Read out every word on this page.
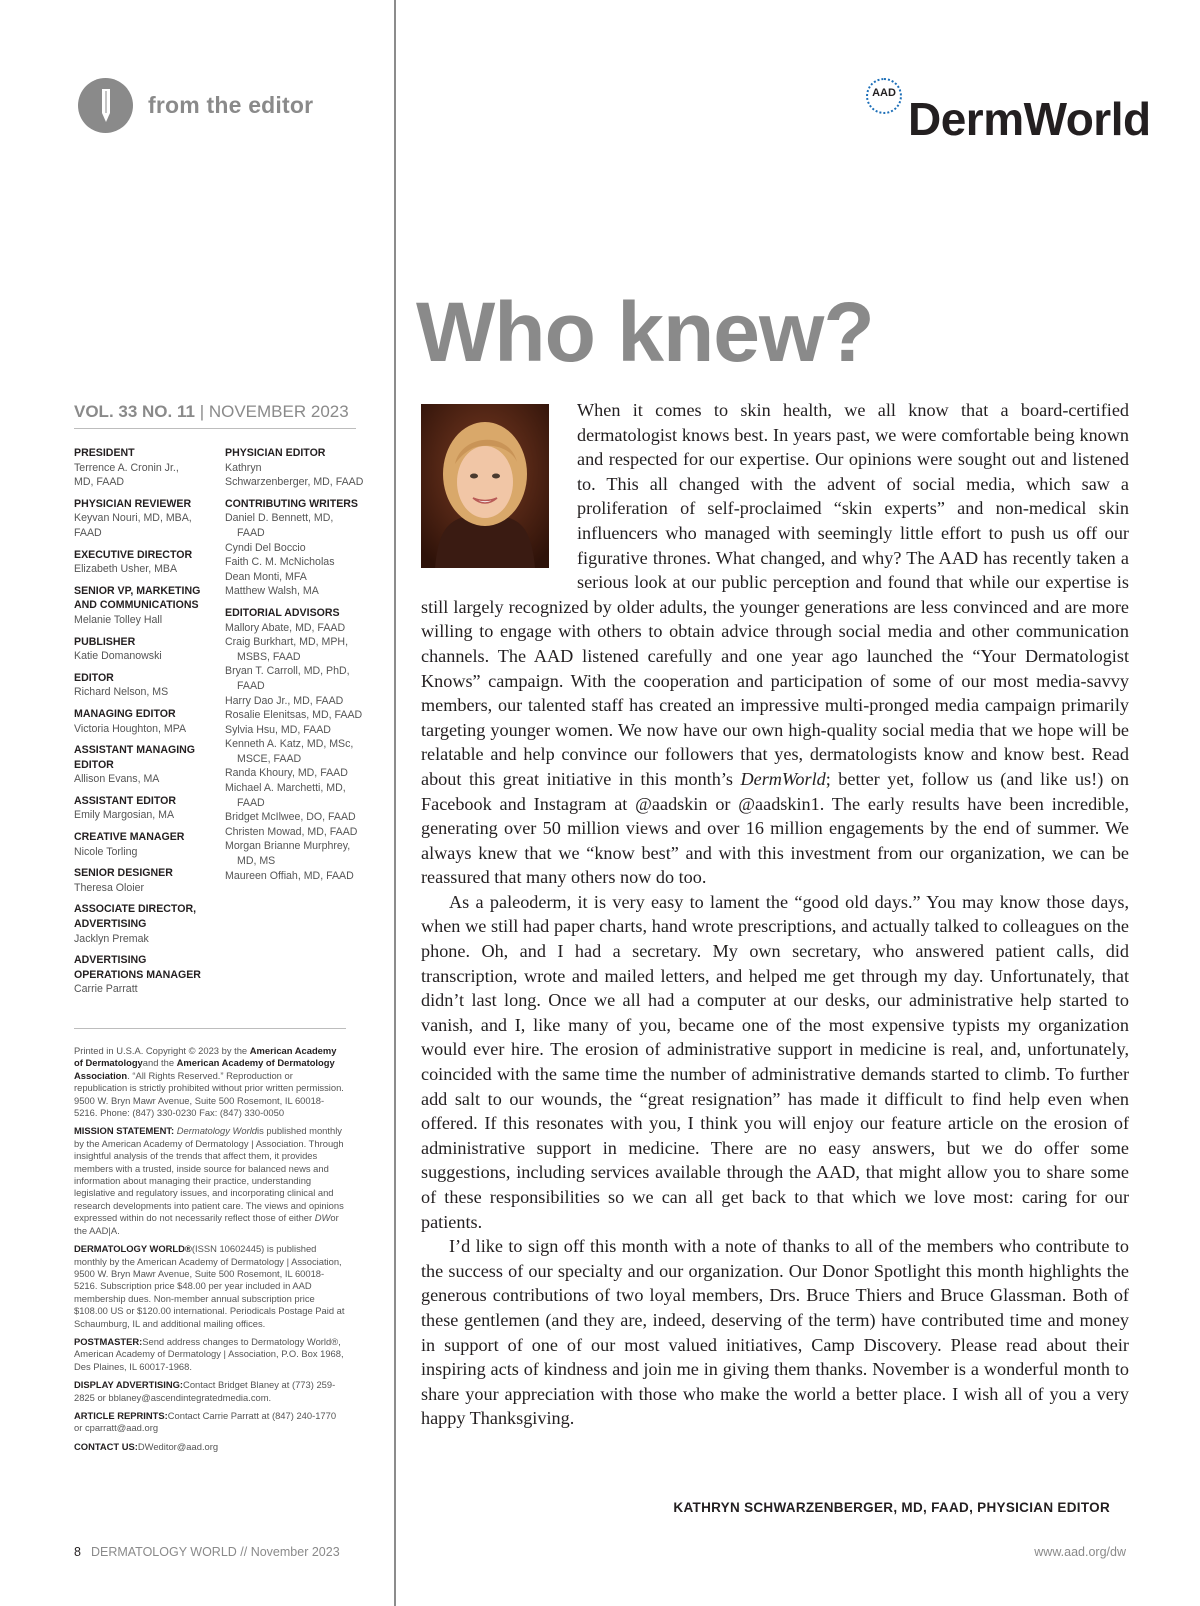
from the editor	AAD DermWorld
Who knew?
VOL. 33 NO. 11 | NOVEMBER 2023
PRESIDENT
Terrence A. Cronin Jr.,
MD, FAAD
PHYSICIAN REVIEWER
Keyvan Nouri, MD, MBA,
FAAD
EXECUTIVE DIRECTOR
Elizabeth Usher, MBA
SENIOR VP, MARKETING AND COMMUNICATIONS
Melanie Tolley Hall
PUBLISHER
Katie Domanowski
EDITOR
Richard Nelson, MS
MANAGING EDITOR
Victoria Houghton, MPA
ASSISTANT MANAGING EDITOR
Allison Evans, MA
ASSISTANT EDITOR
Emily Margosian, MA
CREATIVE MANAGER
Nicole Torling
SENIOR DESIGNER
Theresa Oloier
ASSOCIATE DIRECTOR, ADVERTISING
Jacklyn Premak
ADVERTISING OPERATIONS MANAGER
Carrie Parratt
PHYSICIAN EDITOR
Kathryn
Schwarzenberger, MD, FAAD
CONTRIBUTING WRITERS
Daniel D. Bennett, MD,
FAAD
Cyndi Del Boccio
Faith C. M. McNicholas
Dean Monti, MFA
Matthew Walsh, MA
EDITORIAL ADVISORS
Mallory Abate, MD, FAAD
Craig Burkhart, MD, MPH,
MSBS, FAAD
Bryan T. Carroll, MD, PhD,
FAAD
Harry Dao Jr., MD, FAAD
Rosalie Elenitsas, MD, FAAD
Sylvia Hsu, MD, FAAD
Kenneth A. Katz, MD, MSc,
MSCE, FAAD
Randa Khoury, MD, FAAD
Michael A. Marchetti, MD,
FAAD
Bridget McIlwee, DO, FAAD
Christen Mowad, MD, FAAD
Morgan Brianne Murphrey,
MD, MS
Maureen Offiah, MD, FAAD

Printed in U.S.A. Copyright © 2023 by the American Academy of Dermatologyand the American Academy of Dermatology Association. “All Rights Reserved.” Reproduction or republication is strictly prohibited without prior written permission. 9500 W. Bryn Mawr Avenue, Suite 500 Rosemont, IL 60018-5216. Phone: (847) 330-0230 Fax: (847) 330-0050

MISSION STATEMENT: Dermatology Worldis published monthly by the American Academy of Dermatology | Association. Through insightful analysis of the trends that affect them, it provides members with a trusted, inside source for balanced news and information about managing their practice, understanding legislative and regulatory issues, and incorporating clinical and research developments into patient care. The views and opinions expressed within do not necessarily reflect those of either DWor the AAD|A.

DERMATOLOGY WORLD®(ISSN 10602445) is published monthly by the American Academy of Dermatology | Association, 9500 W. Bryn Mawr Avenue, Suite 500 Rosemont, IL 60018-5216. Subscription price $48.00 per year included in AAD membership dues. Non-member annual subscription price $108.00 US or $120.00 international. Periodicals Postage Paid at Schaumburg, IL and additional mailing offices.

POSTMASTER:Send address changes to Dermatology World®, American Academy of Dermatology | Association, P.O. Box 1968, Des Plaines, IL 60017-1968.

DISPLAY ADVERTISING:Contact Bridget Blaney at (773) 259-2825 or bblaney@ascendintegratedmedia.com.

ARTICLE REPRINTS:Contact Carrie Parratt at (847) 240-1770 or cparratt@aad.org

CONTACT US:DWeditor@aad.org

When it comes to skin health, we all know that a board-certified dermatologist knows best. In years past, we were comfortable being known and respected for our expertise. Our opinions were sought out and listened to. This all changed with the advent of social media, which saw a proliferation of self-proclaimed “skin experts” and non-medical skin influencers who managed with seemingly little effort to push us off our figurative thrones. What changed, and why? The AAD has recently taken a serious look at our public perception and found that while our expertise is still largely recognized by older adults, the younger generations are less convinced and are more willing to engage with others to obtain advice through social media and other communication channels. The AAD listened carefully and one year ago launched the “Your Dermatologist Knows” campaign. With the cooperation and participation of some of our most media-savvy members, our talented staff has created an impressive multi-pronged media campaign primarily targeting younger women. We now have our own high-quality social media that we hope will be relatable and help convince our followers that yes, dermatologists know and know best. Read about this great initiative in this month’s DermWorld; better yet, follow us (and like us!) on Facebook and Instagram at @aadskin or @aadskin1. The early results have been incredible, generating over 50 million views and over 16 million engagements by the end of summer. We always knew that we “know best” and with this investment from our organization, we can be reassured that many others now do too.

As a paleoderm, it is very easy to lament the “good old days.” You may know those days, when we still had paper charts, hand wrote prescriptions, and actually talked to colleagues on the phone. Oh, and I had a secretary. My own secretary, who answered patient calls, did transcription, wrote and mailed letters, and helped me get through my day. Unfortunately, that didn’t last long. Once we all had a computer at our desks, our administrative help started to vanish, and I, like many of you, became one of the most expensive typists my organization would ever hire. The erosion of administrative support in medicine is real, and, unfortunately, coincided with the same time the number of administrative demands started to climb. To further add salt to our wounds, the “great resignation” has made it difficult to find help even when offered. If this resonates with you, I think you will enjoy our feature article on the erosion of administrative support in medicine. There are no easy answers, but we do offer some suggestions, including services available through the AAD, that might allow you to share some of these responsibilities so we can all get back to that which we love most: caring for our patients.

I’d like to sign off this month with a note of thanks to all of the members who contribute to the success of our specialty and our organization. Our Donor Spotlight this month highlights the generous contributions of two loyal members, Drs. Bruce Thiers and Bruce Glassman. Both of these gentlemen (and they are, indeed, deserving of the term) have contributed time and money in support of one of our most valued initiatives, Camp Discovery. Please read about their inspiring acts of kindness and join me in giving them thanks. November is a wonderful month to share your appreciation with those who make the world a better place. I wish all of you a very happy Thanksgiving.

KATHRYN SCHWARZENBERGER, MD, FAAD, PHYSICIAN EDITOR
8 DERMATOLOGY WORLD // November 2023	www.aad.org/dw
